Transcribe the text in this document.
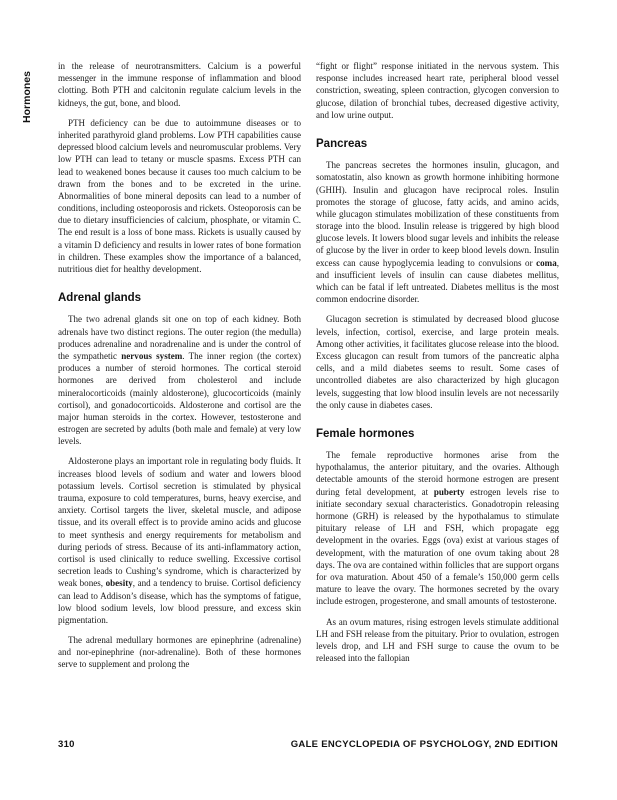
Hormones

in the release of neurotransmitters. Calcium is a powerful messenger in the immune response of inflammation and blood clotting. Both PTH and calcitonin regulate calcium levels in the kidneys, the gut, bone, and blood.

PTH deficiency can be due to autoimmune diseases or to inherited parathyroid gland problems. Low PTH capabilities cause depressed blood calcium levels and neuromuscular problems. Very low PTH can lead to tetany or muscle spasms. Excess PTH can lead to weakened bones because it causes too much calcium to be drawn from the bones and to be excreted in the urine. Abnormalities of bone mineral deposits can lead to a number of conditions, including osteoporosis and rickets. Osteoporosis can be due to dietary insufficiencies of calcium, phosphate, or vitamin C. The end result is a loss of bone mass. Rickets is usually caused by a vitamin D deficiency and results in lower rates of bone formation in children. These examples show the importance of a balanced, nutritious diet for healthy development.

Adrenal glands

The two adrenal glands sit one on top of each kidney. Both adrenals have two distinct regions. The outer region (the medulla) produces adrenaline and noradrenaline and is under the control of the sympathetic nervous system. The inner region (the cortex) produces a number of steroid hormones. The cortical steroid hormones are derived from cholesterol and include mineralocorticoids (mainly aldosterone), glucocorticoids (mainly cortisol), and gonadocorticoids. Aldosterone and cortisol are the major human steroids in the cortex. However, testosterone and estrogen are secreted by adults (both male and female) at very low levels.

Aldosterone plays an important role in regulating body fluids. It increases blood levels of sodium and water and lowers blood potassium levels. Cortisol secretion is stimulated by physical trauma, exposure to cold temperatures, burns, heavy exercise, and anxiety. Cortisol targets the liver, skeletal muscle, and adipose tissue, and its overall effect is to provide amino acids and glucose to meet synthesis and energy requirements for metabolism and during periods of stress. Because of its anti-inflammatory action, cortisol is used clinically to reduce swelling. Excessive cortisol secretion leads to Cushing’s syndrome, which is characterized by weak bones, obesity, and a tendency to bruise. Cortisol deficiency can lead to Addison’s disease, which has the symptoms of fatigue, low blood sodium levels, low blood pressure, and excess skin pigmentation.

The adrenal medullary hormones are epinephrine (adrenaline) and nor-epinephrine (nor-adrenaline). Both of these hormones serve to supplement and prolong the

“fight or flight” response initiated in the nervous system. This response includes increased heart rate, peripheral blood vessel constriction, sweating, spleen contraction, glycogen conversion to glucose, dilation of bronchial tubes, decreased digestive activity, and low urine output.

Pancreas

The pancreas secretes the hormones insulin, glucagon, and somatostatin, also known as growth hormone inhibiting hormone (GHIH). Insulin and glucagon have reciprocal roles. Insulin promotes the storage of glucose, fatty acids, and amino acids, while glucagon stimulates mobilization of these constituents from storage into the blood. Insulin release is triggered by high blood glucose levels. It lowers blood sugar levels and inhibits the release of glucose by the liver in order to keep blood levels down. Insulin excess can cause hypoglycemia leading to convulsions or coma, and insufficient levels of insulin can cause diabetes mellitus, which can be fatal if left untreated. Diabetes mellitus is the most common endocrine disorder.

Glucagon secretion is stimulated by decreased blood glucose levels, infection, cortisol, exercise, and large protein meals. Among other activities, it facilitates glucose release into the blood. Excess glucagon can result from tumors of the pancreatic alpha cells, and a mild diabetes seems to result. Some cases of uncontrolled diabetes are also characterized by high glucagon levels, suggesting that low blood insulin levels are not necessarily the only cause in diabetes cases.

Female hormones

The female reproductive hormones arise from the hypothalamus, the anterior pituitary, and the ovaries. Although detectable amounts of the steroid hormone estrogen are present during fetal development, at puberty estrogen levels rise to initiate secondary sexual characteristics. Gonadotropin releasing hormone (GRH) is released by the hypothalamus to stimulate pituitary release of LH and FSH, which propagate egg development in the ovaries. Eggs (ova) exist at various stages of development, with the maturation of one ovum taking about 28 days. The ova are contained within follicles that are support organs for ova maturation. About 450 of a female’s 150,000 germ cells mature to leave the ovary. The hormones secreted by the ovary include estrogen, progesterone, and small amounts of testosterone.

As an ovum matures, rising estrogen levels stimulate additional LH and FSH release from the pituitary. Prior to ovulation, estrogen levels drop, and LH and FSH surge to cause the ovum to be released into the fallopian

310	GALE ENCYCLOPEDIA OF PSYCHOLOGY, 2ND EDITION
